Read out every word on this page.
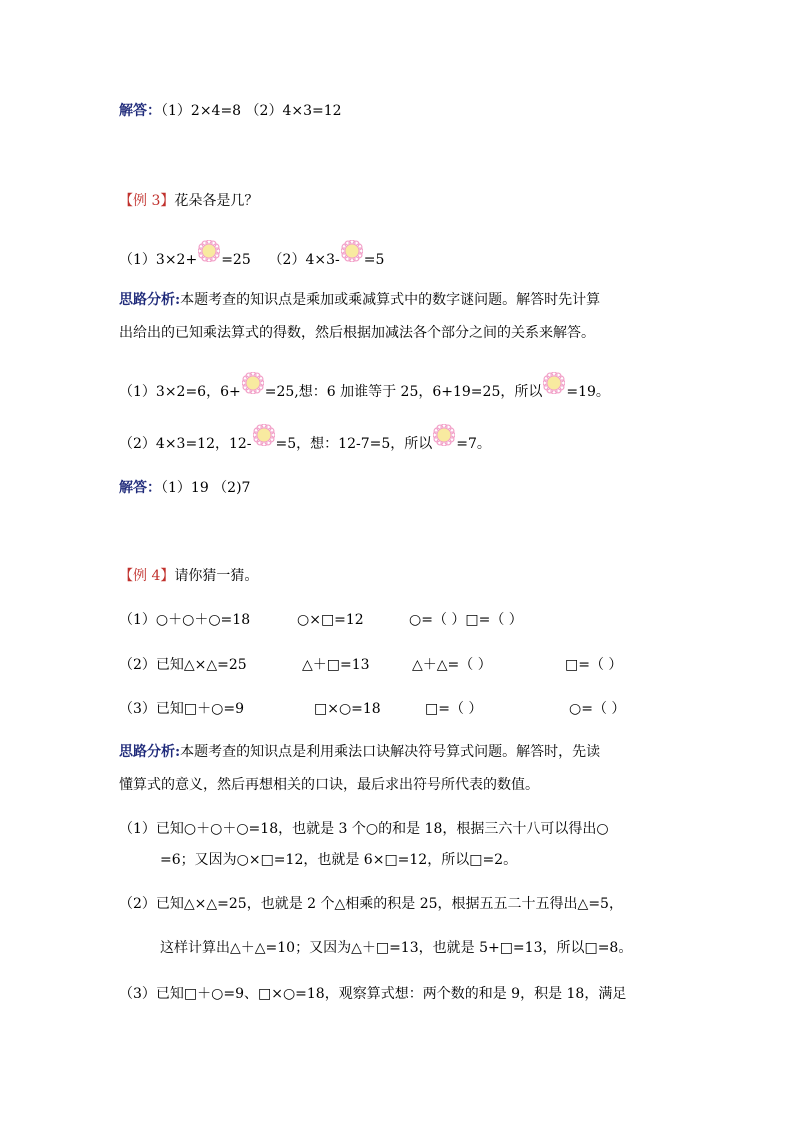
解答：（1）2×4=8 （2）4×3=12
【例 3】花朵各是几？
（1）3×2+ =25 （2）4×3- =5
思路分析:本题考查的知识点是乘加或乘减算式中的数字谜问题。解答时先计算
出给出的已知乘法算式的得数，然后根据加减法各个部分之间的关系来解答。
（1）3×2=6，6+ =25,想：6 加谁等于 25，6+19=25，所以 =19。
（2）4×3=12，12- =5，想：12-7=5，所以 =7。
解答：（1）19 （2)7
【例 4】请你猜一猜。
（1）○＋○＋○=18	○×□=12	○=（ ）□=（ ）
（2）已知△×△=25	△＋□=13	△＋△=（ ）	□=（ ）
（3）已知□＋○=9	□×○=18	□=（ ）	○=（ ）
思路分析:本题考查的知识点是利用乘法口诀解决符号算式问题。解答时，先读
懂算式的意义，然后再想相关的口诀，最后求出符号所代表的数值。
（1）已知○＋○＋○=18，也就是 3 个○的和是 18，根据三六十八可以得出○
=6；又因为○×□=12，也就是 6×□=12，所以□=2。
（2）已知△×△=25，也就是 2 个△相乘的积是 25，根据五五二十五得出△=5，
这样计算出△＋△=10；又因为△＋□=13，也就是 5+□=13，所以□=8。
（3）已知□＋○=9、□×○=18，观察算式想：两个数的和是 9，积是 18，满足
